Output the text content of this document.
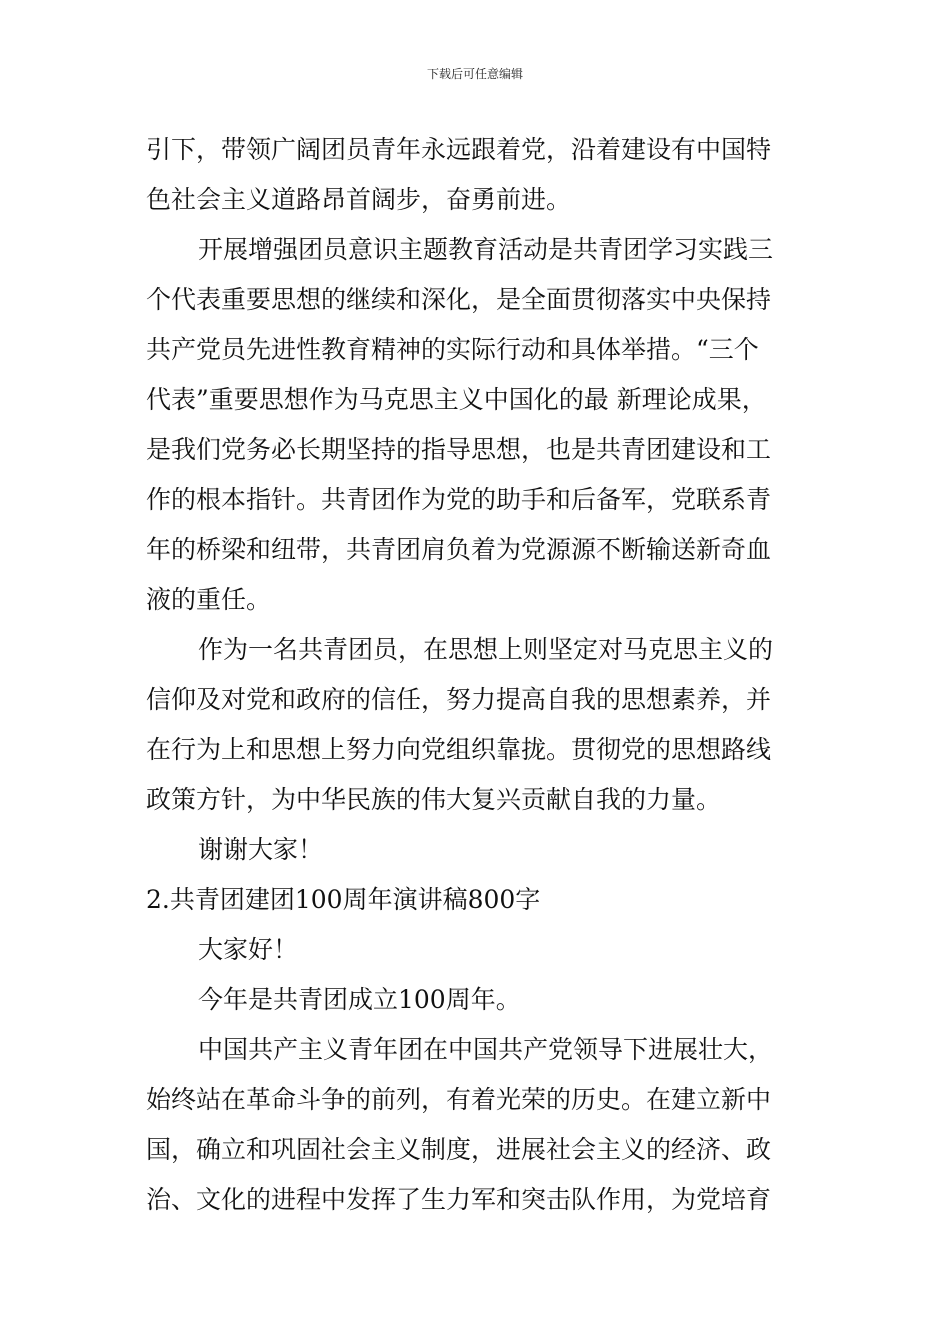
下载后可任意编辑
引下，带领广阔团员青年永远跟着党，沿着建设有中国特
色社会主义道路昂首阔步，奋勇前进。
开展增强团员意识主题教育活动是共青团学习实践三
个代表重要思想的继续和深化，是全面贯彻落实中央保持
共产党员先进性教育精神的实际行动和具体举措。“三个
代表”重要思想作为马克思主义中国化的最 新理论成果，
是我们党务必长期坚持的指导思想，也是共青团建设和工
作的根本指针。共青团作为党的助手和后备军，党联系青
年的桥梁和纽带，共青团肩负着为党源源不断输送新奇血
液的重任。
作为一名共青团员，在思想上则坚定对马克思主义的
信仰及对党和政府的信任，努力提高自我的思想素养，并
在行为上和思想上努力向党组织靠拢。贯彻党的思想路线
政策方针，为中华民族的伟大复兴贡献自我的力量。
谢谢大家！
2.共青团建团100周年演讲稿800字
大家好！
今年是共青团成立100周年。
中国共产主义青年团在中国共产党领导下进展壮大，
始终站在革命斗争的前列，有着光荣的历史。在建立新中
国，确立和巩固社会主义制度，进展社会主义的经济、政
治、文化的进程中发挥了生力军和突击队作用，为党培育
